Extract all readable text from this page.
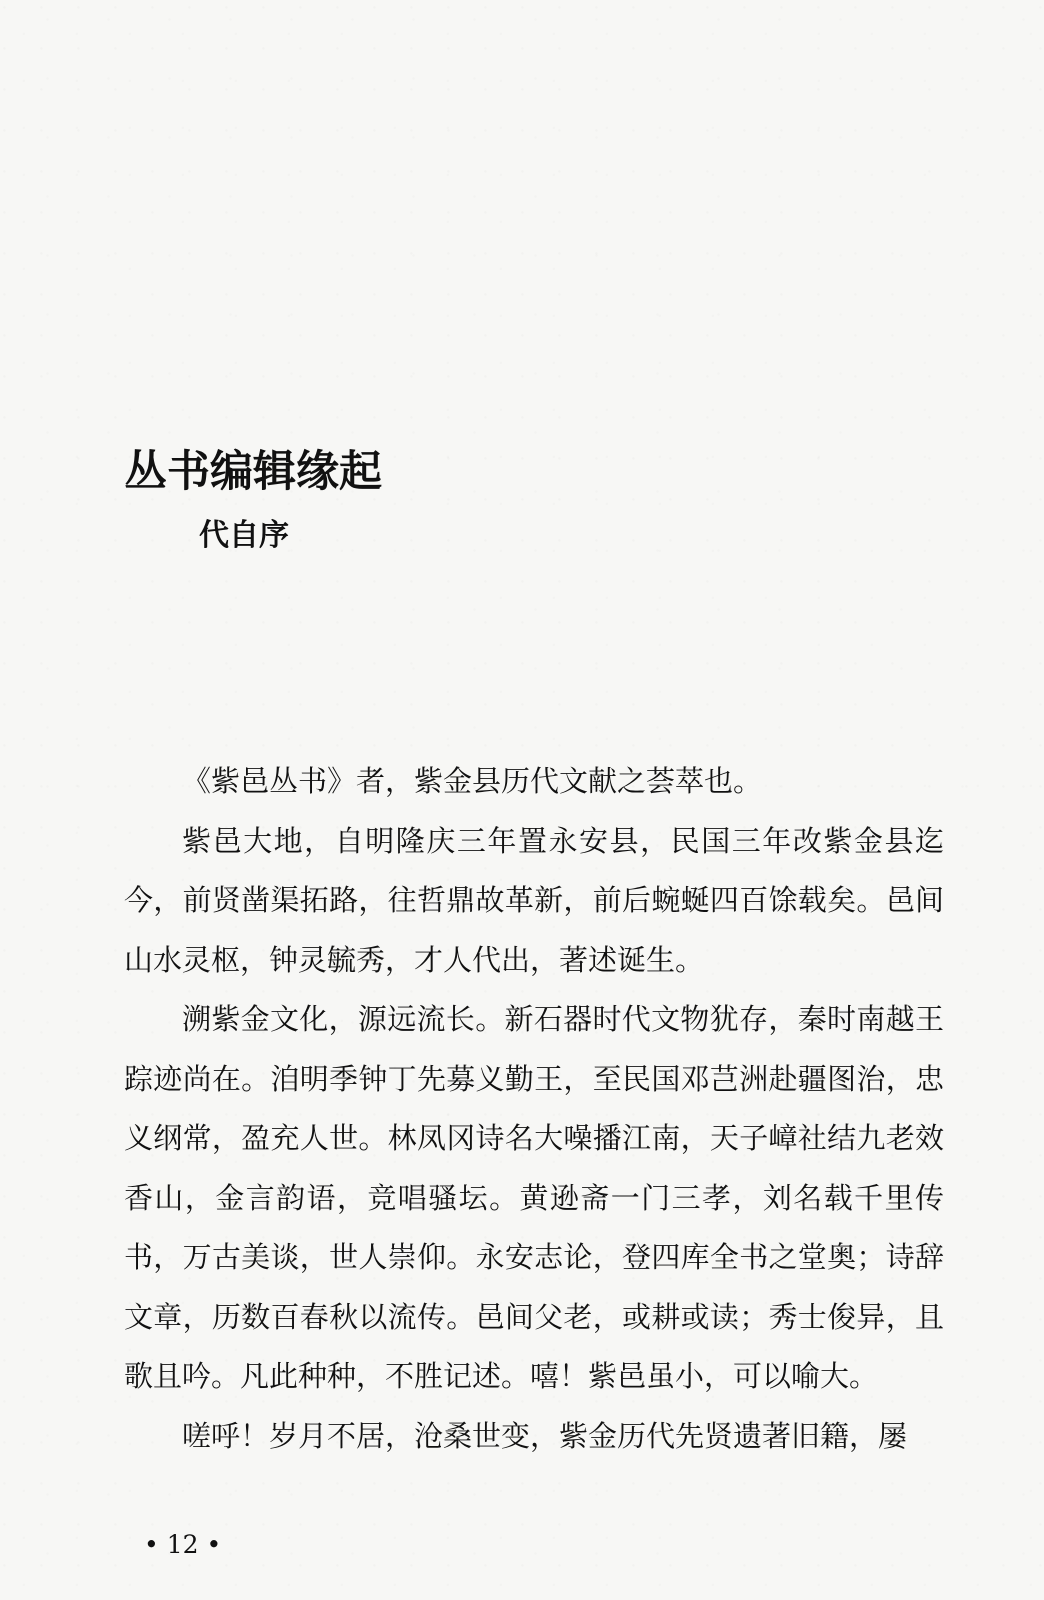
丛书编辑缘起
代自序

《紫邑丛书》者，紫金县历代文献之荟萃也。

紫邑大地，自明隆庆三年置永安县，民国三年改紫金县迄今，前贤凿渠拓路，往哲鼎故革新，前后蜿蜒四百馀载矣。邑间山水灵枢，钟灵毓秀，才人代出，著述诞生。

溯紫金文化，源远流长。新石器时代文物犹存，秦时南越王踪迹尚在。洎明季钟丁先募义勤王，至民国邓芑洲赴疆图治，忠义纲常，盈充人世。林凤冈诗名大噪播江南，天子嶂社结九老效香山，金言韵语，竞唱骚坛。黄逊斋一门三孝，刘名载千里传书，万古美谈，世人崇仰。永安志论，登四库全书之堂奥；诗辞文章，历数百春秋以流传。邑间父老，或耕或读；秀士俊异，且歌且吟。凡此种种，不胜记述。嘻！紫邑虽小，可以喻大。

嗟呼！岁月不居，沧桑世变，紫金历代先贤遗著旧籍，屡

• 12 •
